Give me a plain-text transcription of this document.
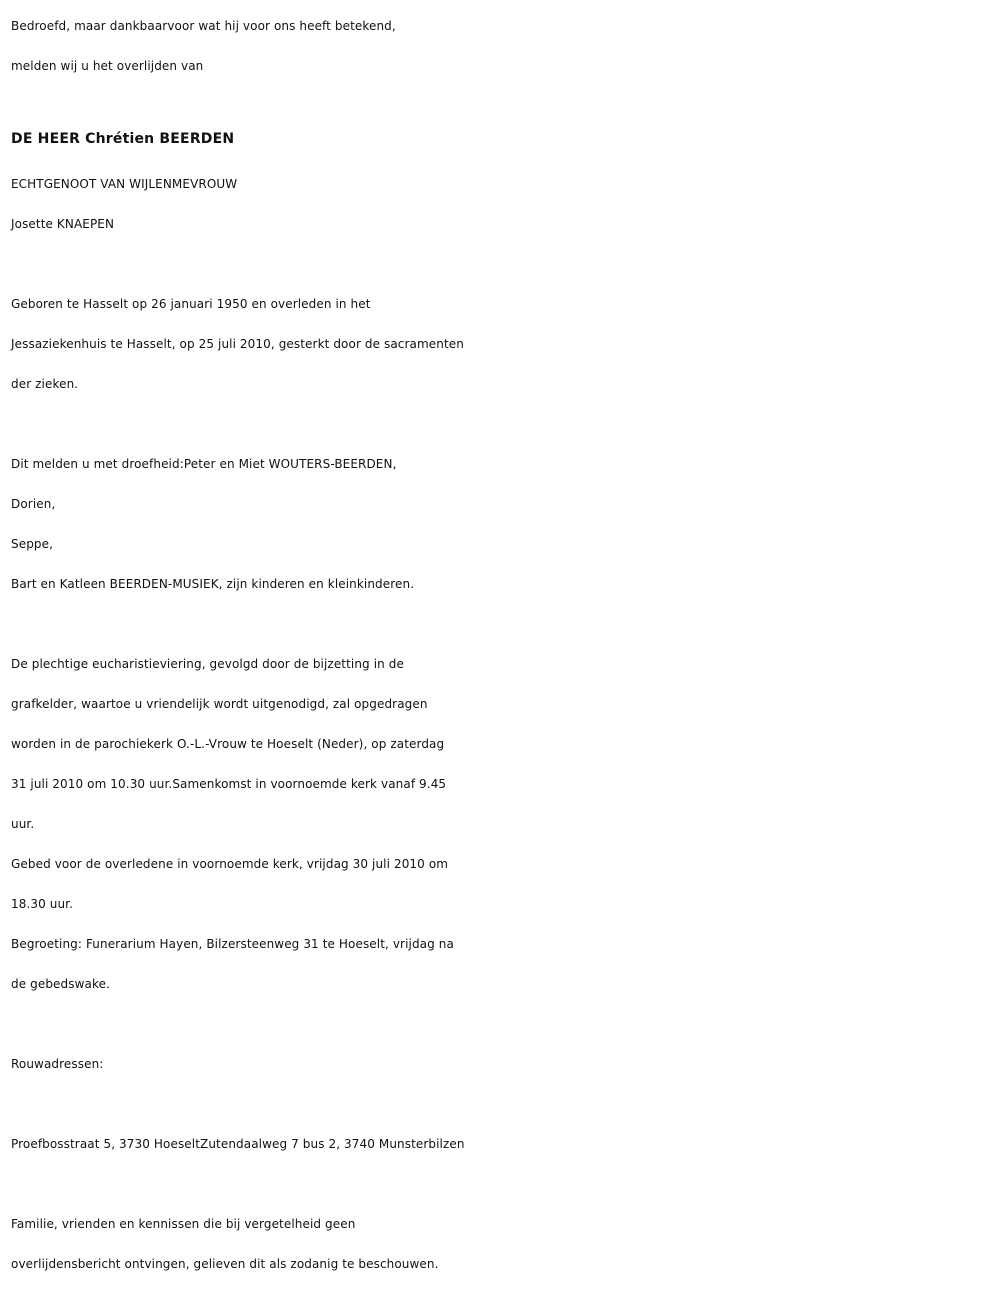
Bedroefd, maar dankbaarvoor wat hij voor ons heeft betekend,
melden wij u het overlijden van
DE HEER Chrétien BEERDEN
ECHTGENOOT VAN WIJLENMEVROUW
Josette KNAEPEN
Geboren te Hasselt op 26 januari 1950 en overleden in het
Jessaziekenhuis te Hasselt, op 25 juli 2010, gesterkt door de sacramenten
der zieken.
Dit melden u met droefheid:Peter en Miet WOUTERS-BEERDEN,
Dorien,
Seppe,
Bart en Katleen BEERDEN-MUSIEK, zijn kinderen en kleinkinderen.
De plechtige eucharistieviering, gevolgd door de bijzetting in de
grafkelder, waartoe u vriendelijk wordt uitgenodigd, zal opgedragen
worden in de parochiekerk O.-L.-Vrouw te Hoeselt (Neder), op zaterdag
31 juli 2010 om 10.30 uur.Samenkomst in voornoemde kerk vanaf 9.45
uur.
Gebed voor de overledene in voornoemde kerk, vrijdag 30 juli 2010 om
18.30 uur.
Begroeting: Funerarium Hayen, Bilzersteenweg 31 te Hoeselt, vrijdag na
de gebedswake.
Rouwadressen:
Proefbosstraat 5, 3730 HoeseltZutendaalweg 7 bus 2, 3740 Munsterbilzen
Familie, vrienden en kennissen die bij vergetelheid geen
overlijdensbericht ontvingen, gelieven dit als zodanig te beschouwen.
